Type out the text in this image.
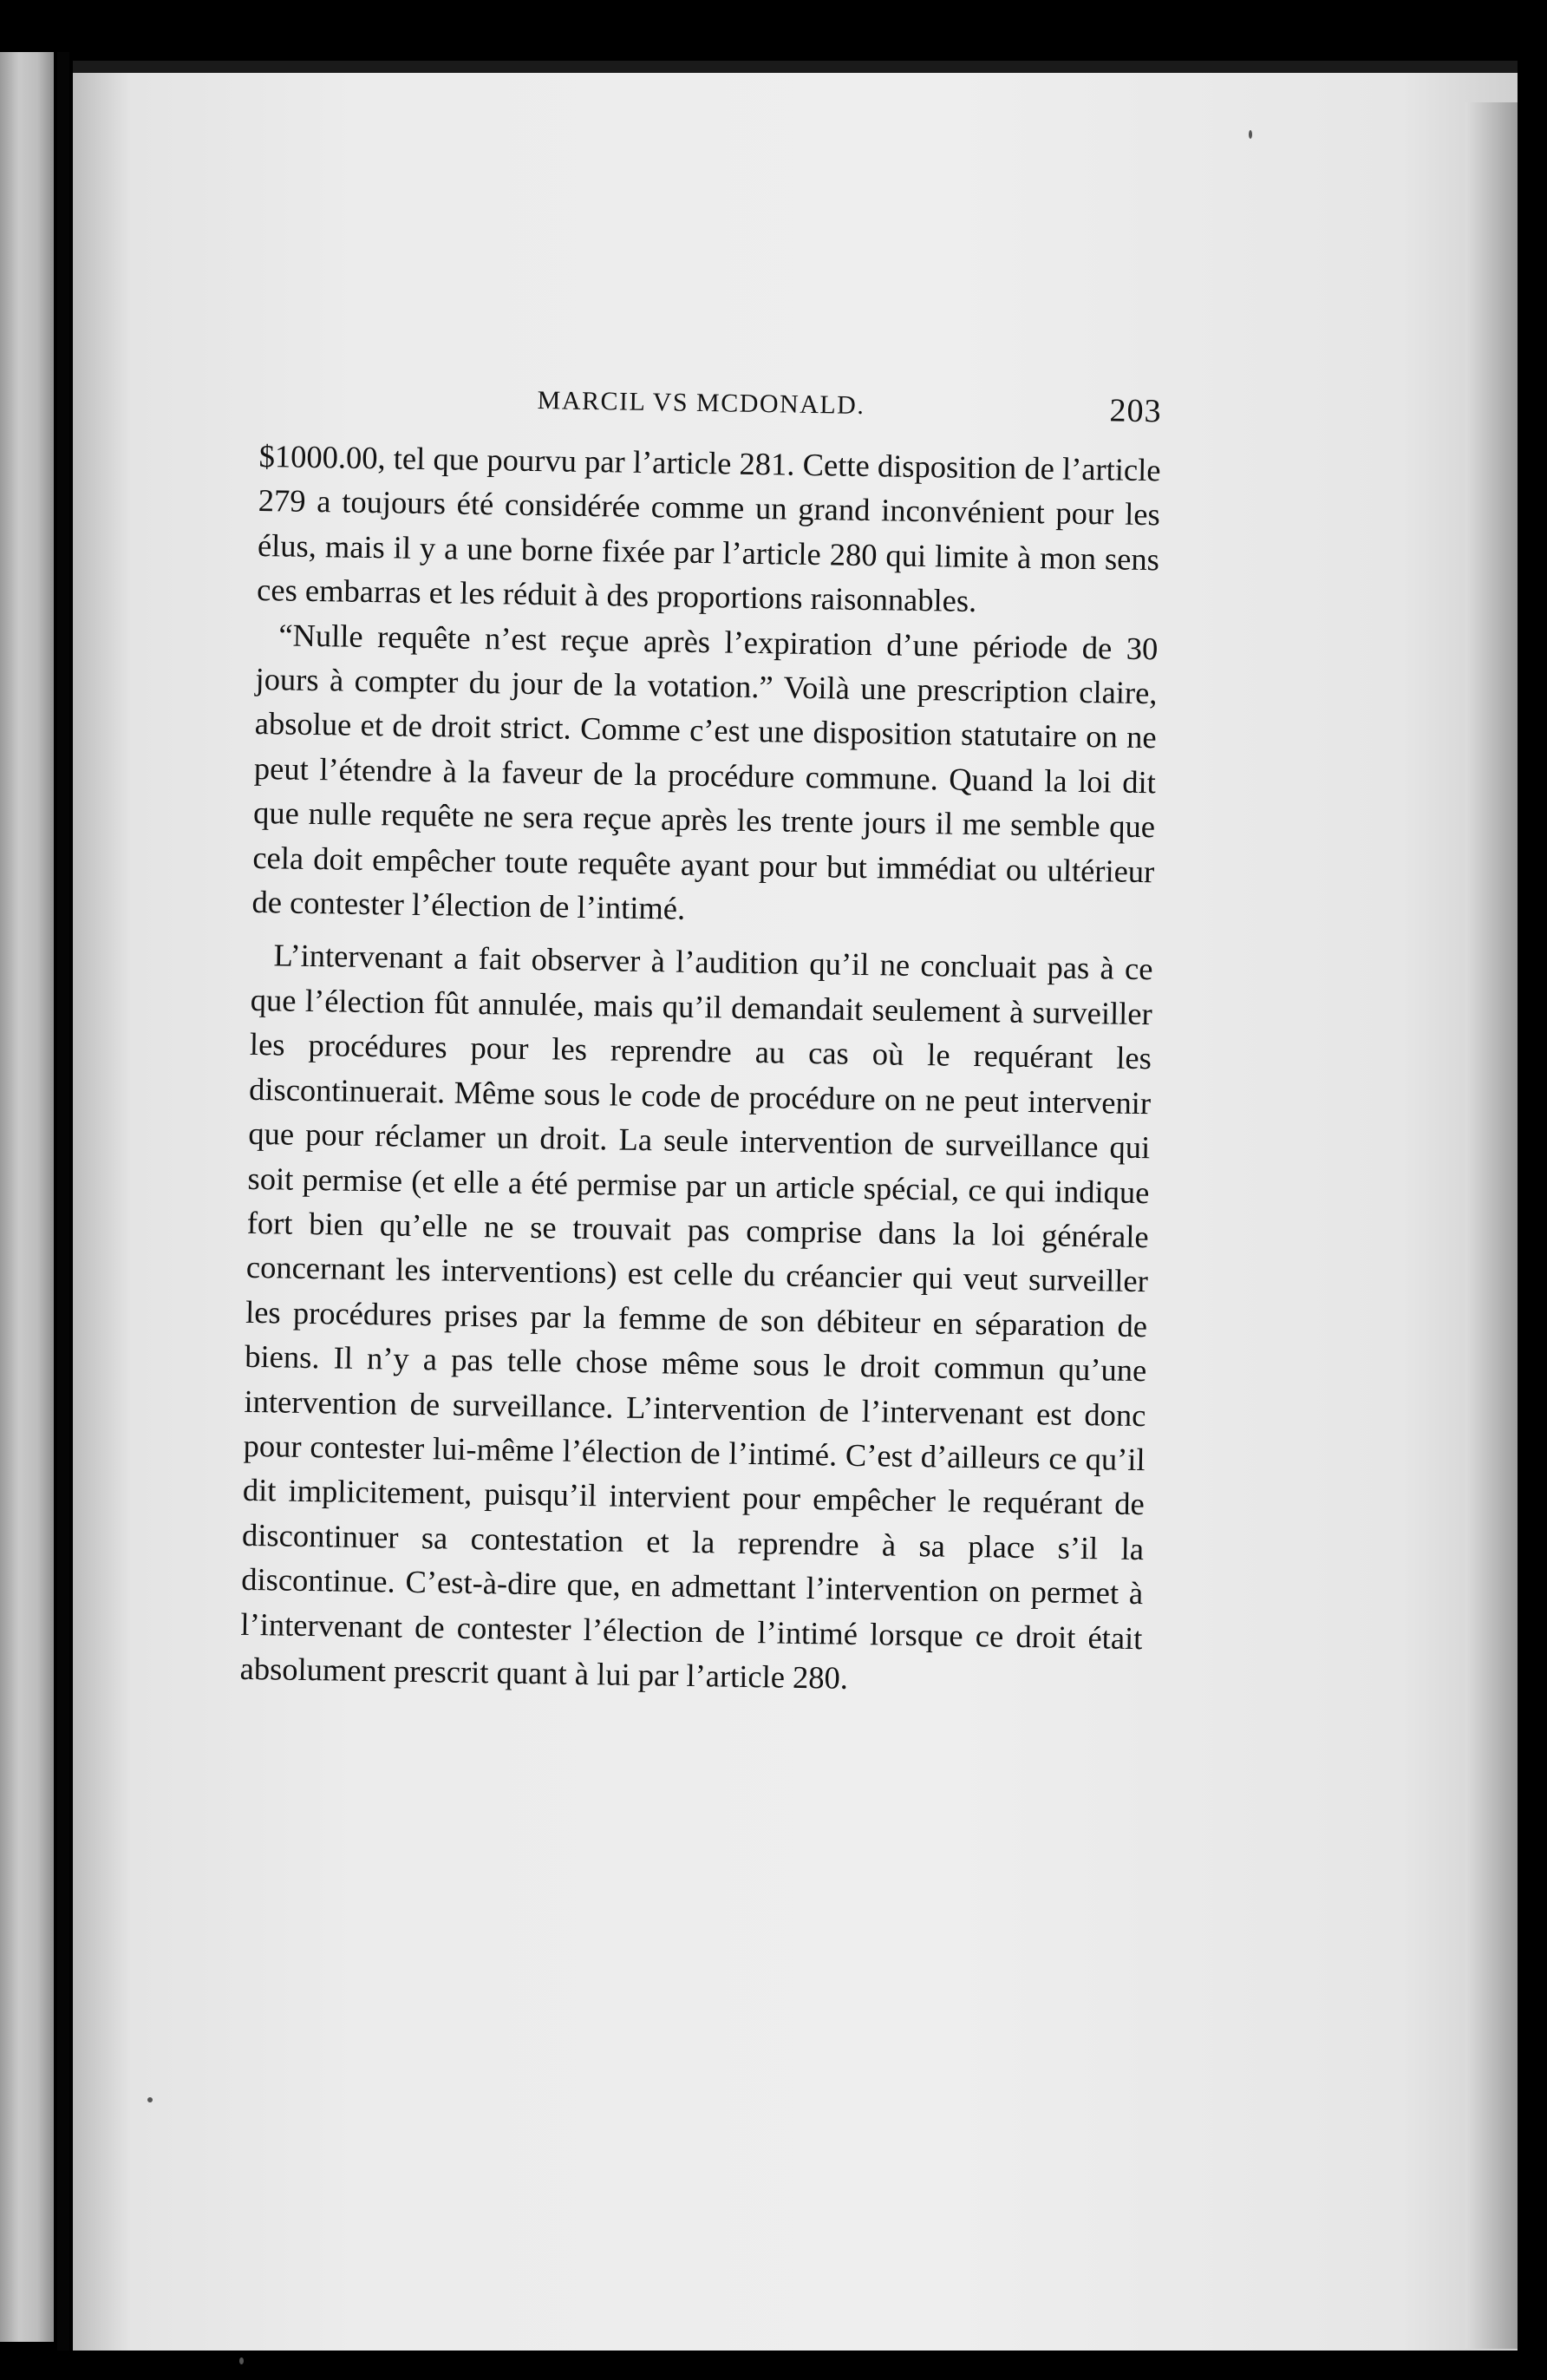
MARCIL VS MCDONALD.	203

$1000.00, tel que pourvu par l’article 281. Cette disposition de l’article 279 a toujours été considérée comme un grand inconvénient pour les élus, mais il y a une borne fixée par l’article 280 qui limite à mon sens ces embarras et les réduit à des proportions raisonnables.

“Nulle requête n’est reçue après l’expiration d’une période de 30 jours à compter du jour de la votation.” Voilà une prescription claire, absolue et de droit strict. Comme c’est une disposition statutaire on ne peut l’étendre à la faveur de la procédure commune. Quand la loi dit que nulle requête ne sera reçue après les trente jours il me semble que cela doit empêcher toute requête ayant pour but immédiat ou ultérieur de contester l’élection de l’intimé.

L’intervenant a fait observer à l’audition qu’il ne concluait pas à ce que l’élection fût annulée, mais qu’il demandait seulement à surveiller les procédures pour les reprendre au cas où le requérant les discontinuerait. Même sous le code de procédure on ne peut intervenir que pour réclamer un droit. La seule intervention de surveillance qui soit permise (et elle a été permise par un article spécial, ce qui indique fort bien qu’elle ne se trouvait pas comprise dans la loi générale concernant les interventions) est celle du créancier qui veut surveiller les procédures prises par la femme de son débiteur en séparation de biens. Il n’y a pas telle chose même sous le droit commun qu’une intervention de surveillance. L’intervention de l’intervenant est donc pour contester lui-même l’élection de l’intimé. C’est d’ailleurs ce qu’il dit implicitement, puisqu’il intervient pour empêcher le requérant de discontinuer sa contestation et la reprendre à sa place s’il la discontinue. C’est-à-dire que, en admettant l’intervention on permet à l’intervenant de contester l’élection de l’intimé lorsque ce droit était absolument prescrit quant à lui par l’article 280.
